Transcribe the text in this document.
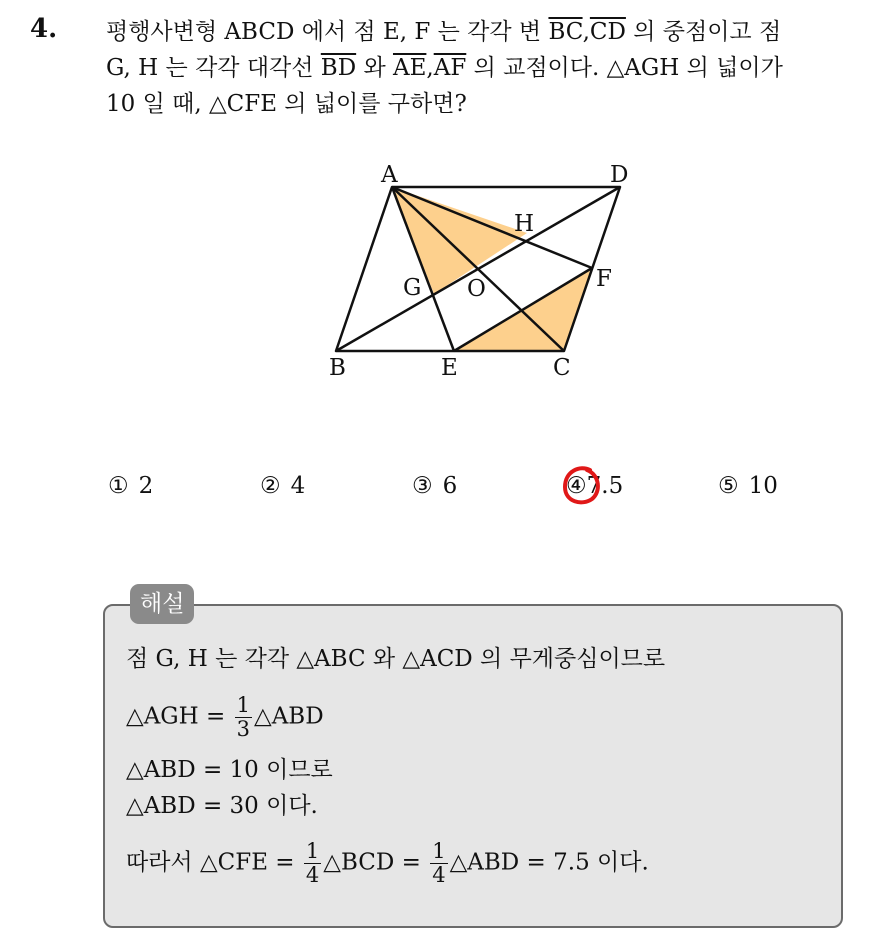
4. 평행사변형 ABCD 에서 점 E, F 는 각각 변 $\overline{BC},\overline{CD}$ 의 중점이고 점
G, H 는 각각 대각선 $\overline{BD}$ 와 $\overline{AE},\overline{AF}$ 의 교점이다. △AGH 의 넓이가
10 일 때, △CFE 의 넓이를 구하면?
A	D
B	E	C
F
G
H
O
① 2	② 4	③ 6	④7.5	⑤ 10
해설
점 G, H 는 각각 △ABC 와 △ACD 의 무게중심이므로
△AGH = $\frac{1}{3}$ △ABD
△ABD = 10 이므로
△ABD = 30 이다.
따라서 △CFE = $\frac{1}{4}$ △BCD = $\frac{1}{4}$ △ABD = 7.5 이다.
